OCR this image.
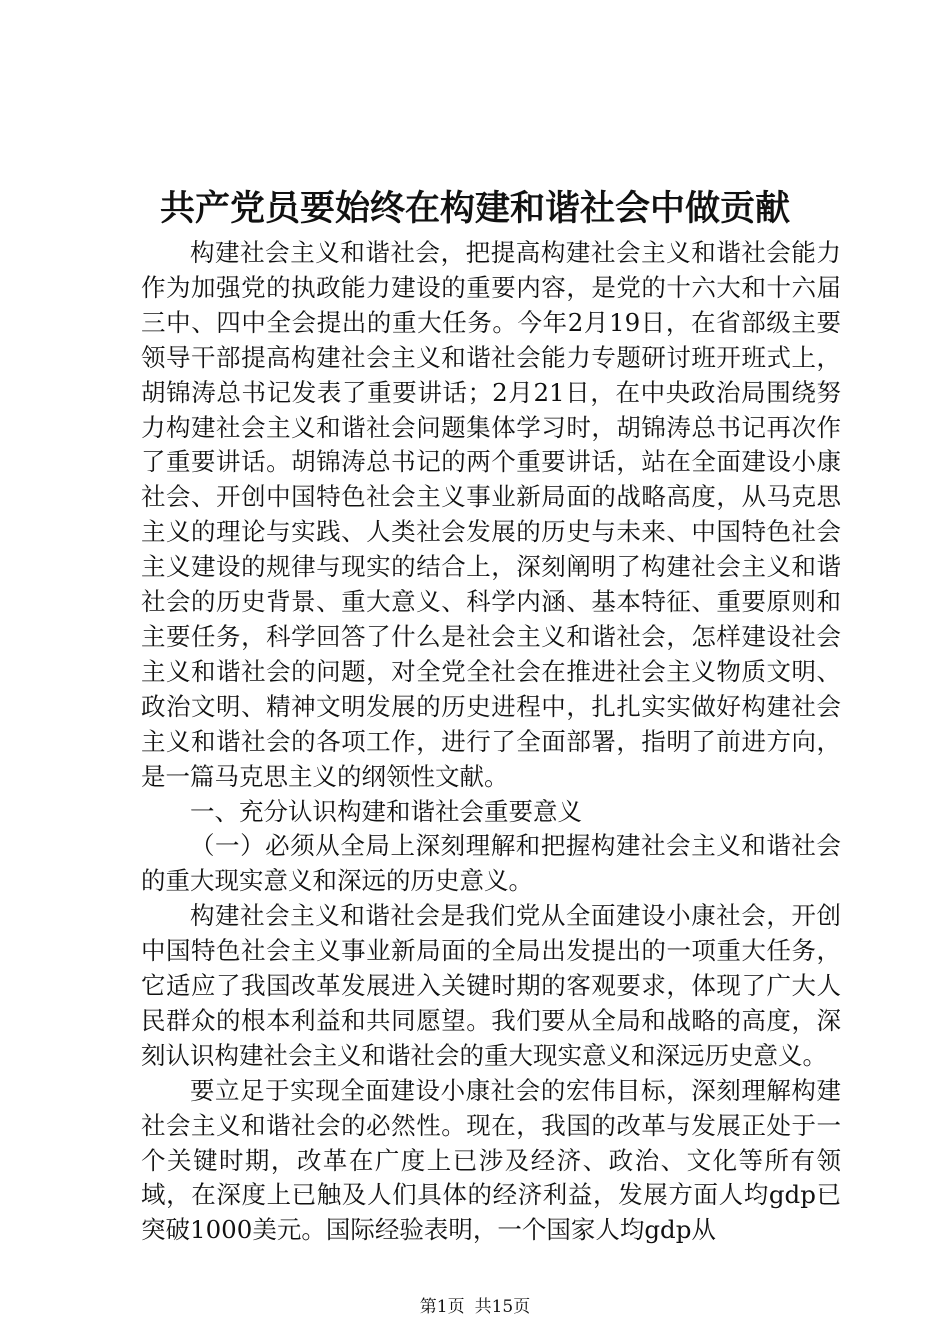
共产党员要始终在构建和谐社会中做贡献

构建社会主义和谐社会，把提高构建社会主义和谐社会能力作为加强党的执政能力建设的重要内容，是党的十六大和十六届三中、四中全会提出的重大任务。今年2月19日，在省部级主要领导干部提高构建社会主义和谐社会能力专题研讨班开班式上，胡锦涛总书记发表了重要讲话；2月21日，在中央政治局围绕努力构建社会主义和谐社会问题集体学习时，胡锦涛总书记再次作了重要讲话。胡锦涛总书记的两个重要讲话，站在全面建设小康社会、开创中国特色社会主义事业新局面的战略高度，从马克思主义的理论与实践、人类社会发展的历史与未来、中国特色社会主义建设的规律与现实的结合上，深刻阐明了构建社会主义和谐社会的历史背景、重大意义、科学内涵、基本特征、重要原则和主要任务，科学回答了什么是社会主义和谐社会，怎样建设社会主义和谐社会的问题，对全党全社会在推进社会主义物质文明、政治文明、精神文明发展的历史进程中，扎扎实实做好构建社会主义和谐社会的各项工作，进行了全面部署，指明了前进方向，是一篇马克思主义的纲领性文献。

一、充分认识构建和谐社会重要意义

（一）必须从全局上深刻理解和把握构建社会主义和谐社会的重大现实意义和深远的历史意义。

构建社会主义和谐社会是我们党从全面建设小康社会，开创中国特色社会主义事业新局面的全局出发提出的一项重大任务，它适应了我国改革发展进入关键时期的客观要求，体现了广大人民群众的根本利益和共同愿望。我们要从全局和战略的高度，深刻认识构建社会主义和谐社会的重大现实意义和深远历史意义。

要立足于实现全面建设小康社会的宏伟目标，深刻理解构建社会主义和谐社会的必然性。现在，我国的改革与发展正处于一个关键时期，改革在广度上已涉及经济、政治、文化等所有领域，在深度上已触及人们具体的经济利益，发展方面人均gdp已突破1000美元。国际经验表明，一个国家人均gdp从

第1页 共15页
